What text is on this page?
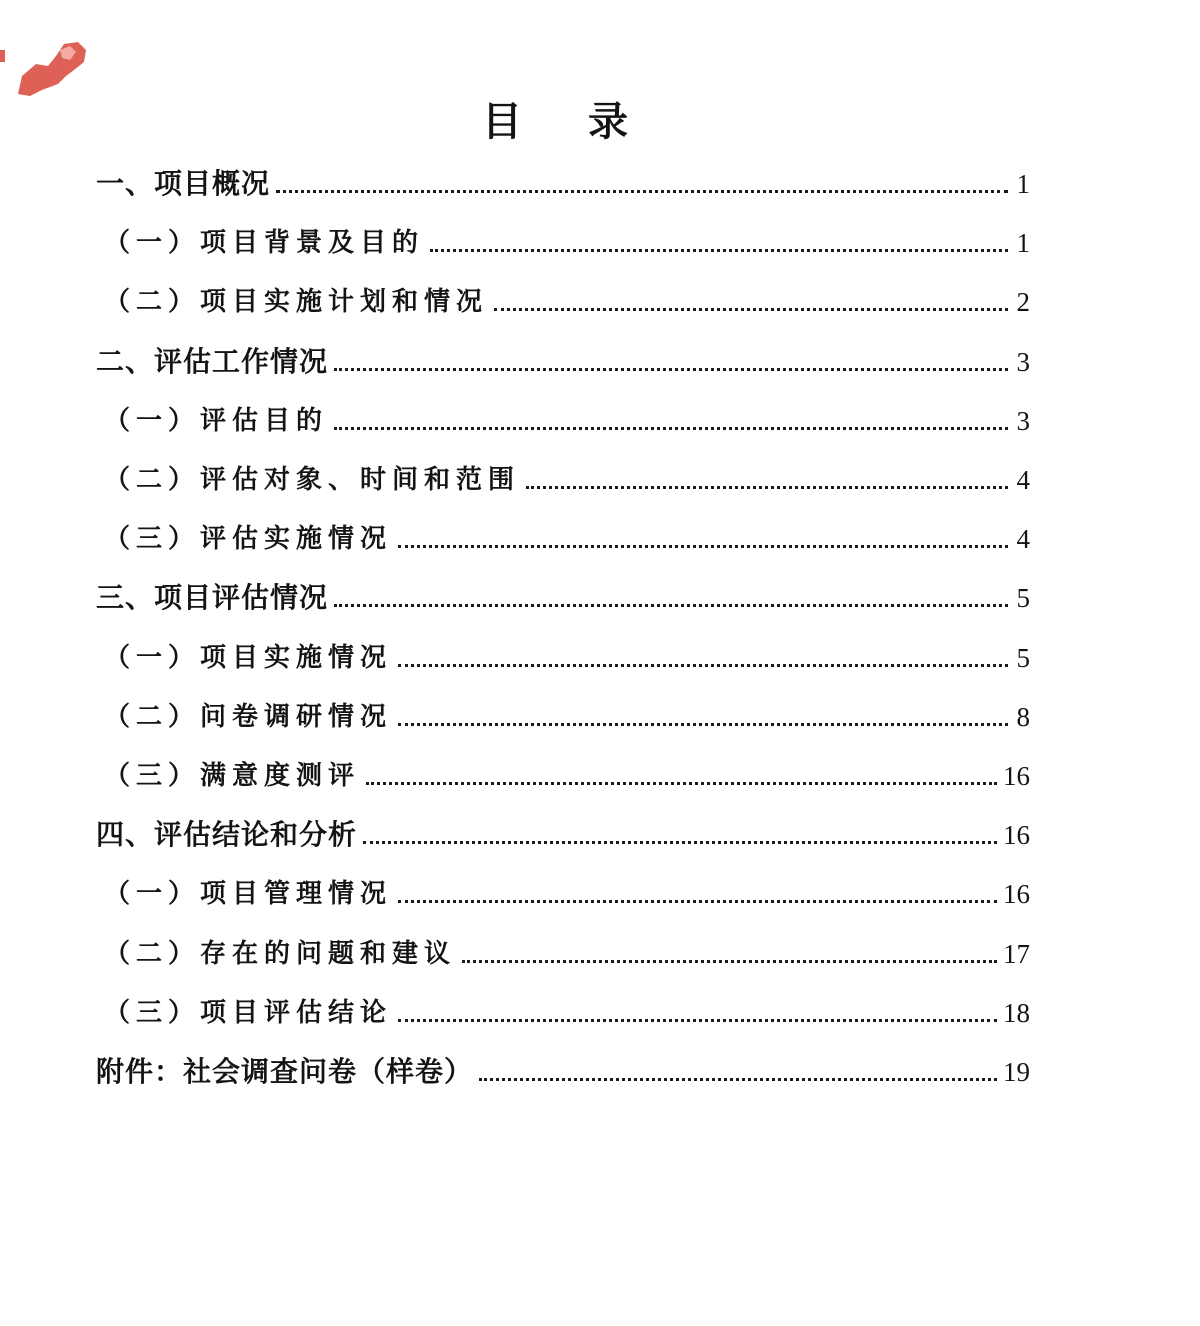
目 录
一、项目概况	1
（一）项目背景及目的	1
（二）项目实施计划和情况	2
二、评估工作情况	3
（一）评估目的	3
（二）评估对象、时间和范围	4
（三）评估实施情况	4
三、项目评估情况	5
（一）项目实施情况	5
（二）问卷调研情况	8
（三）满意度测评	16
四、评估结论和分析	16
（一）项目管理情况	16
（二）存在的问题和建议	17
（三）项目评估结论	18
附件：社会调查问卷（样卷）	19
